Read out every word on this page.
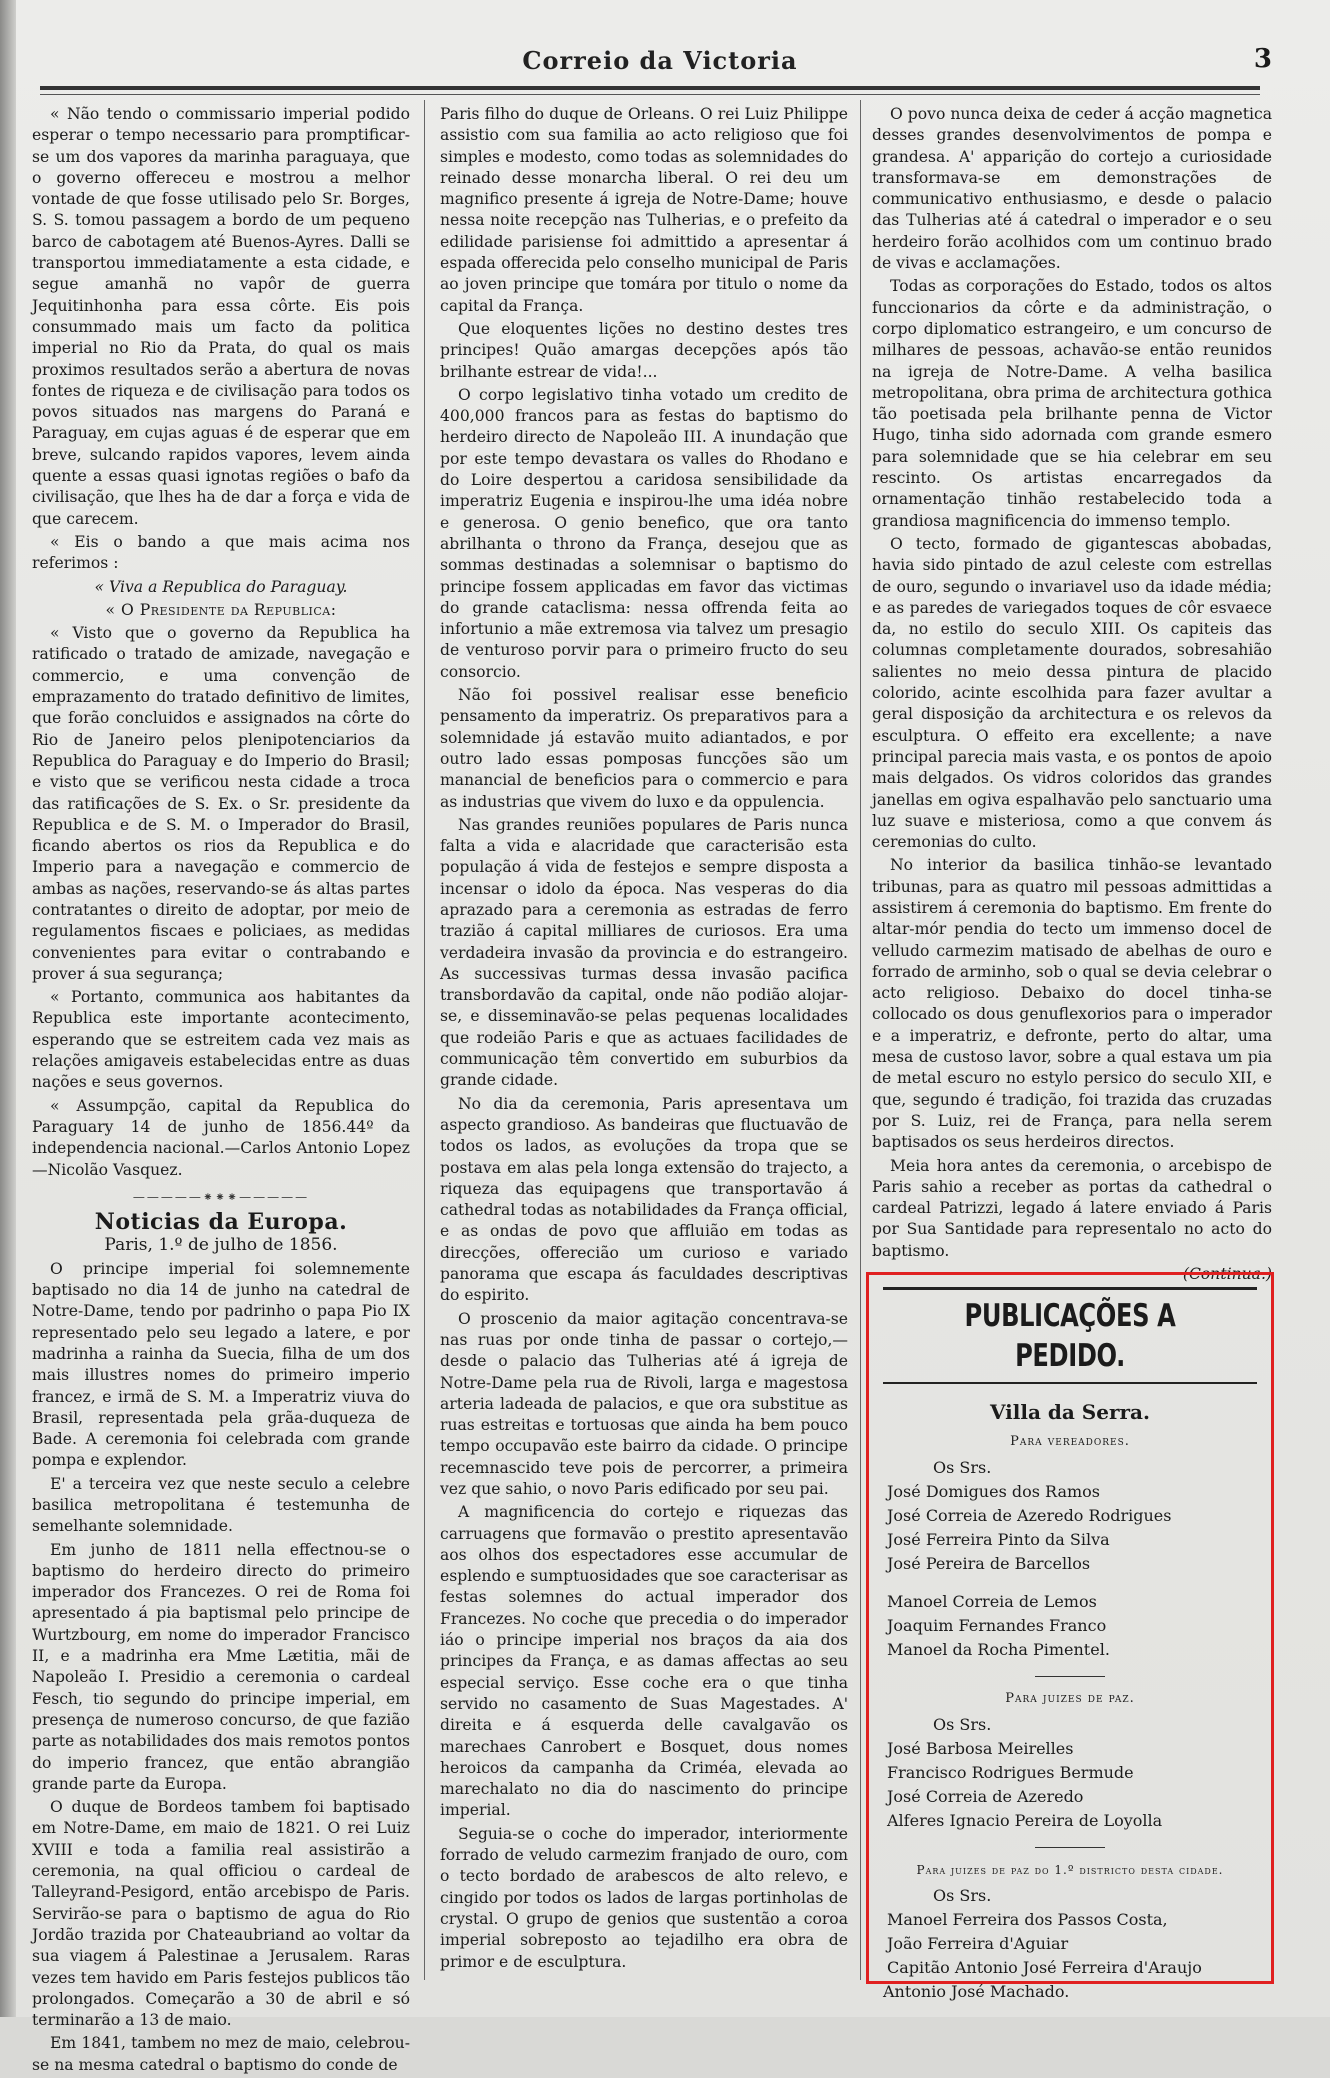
Correio da Victoria	3

« Não tendo o commissario imperial podido esperar o tempo necessario para promptificar-se um dos vapores da marinha paraguaya, que o governo offereceu e mostrou a melhor vontade de que fosse utilisado pelo Sr. Borges, S. S. tomou passagem a bordo de um pequeno barco de cabotagem até Buenos-Ayres. Dalli se transportou immediatamente a esta cidade, e segue amanhã no vapôr de guerra Jequitinhonha para essa côrte. Eis pois consummado mais um facto da politica imperial no Rio da Prata, do qual os mais proximos resultados serão a abertura de novas fontes de riqueza e de civilisação para todos os povos situados nas margens do Paraná e Paraguay, em cujas aguas é de esperar que em breve, sulcando rapidos vapores, levem ainda quente a essas quasi ignotas regiões o bafo da civilisação, que lhes ha de dar a força e vida de que carecem.

« Eis o bando a que mais acima nos referimos :

« Viva a Republica do Paraguay.

« O Presidente da Republica:

« Visto que o governo da Republica ha ratificado o tratado de amizade, navegação e commercio, e uma convenção de emprazamento do tratado definitivo de limites, que forão concluidos e assignados na côrte do Rio de Janeiro pelos plenipotenciarios da Republica do Paraguay e do Imperio do Brasil; e visto que se verificou nesta cidade a troca das ratificações de S. Ex. o Sr. presidente da Republica e de S. M. o Imperador do Brasil, ficando abertos os rios da Republica e do Imperio para a navegação e commercio de ambas as nações, reservando-se ás altas partes contratantes o direito de adoptar, por meio de regulamentos fiscaes e policiaes, as medidas convenientes para evitar o contrabando e prover á sua segurança;

« Portanto, communica aos habitantes da Republica este importante acontecimento, esperando que se estreitem cada vez mais as relações amigaveis estabelecidas entre as duas nações e seus governos.

« Assumpção, capital da Republica do Paraguary 14 de junho de 1856.44º da independencia nacional.—Carlos Antonio Lopez—Nicolão Vasquez.

—————⁕⁕⁕—————

Noticias da Europa.

Paris, 1.º de julho de 1856.

O principe imperial foi solemnemente baptisado no dia 14 de junho na catedral de Notre-Dame, tendo por padrinho o papa Pio IX representado pelo seu legado a latere, e por madrinha a rainha da Suecia, filha de um dos mais illustres nomes do primeiro imperio francez, e irmã de S. M. a Imperatriz viuva do Brasil, representada pela grãa-duqueza de Bade. A ceremonia foi celebrada com grande pompa e explendor.

E' a terceira vez que neste seculo a celebre basilica metropolitana é testemunha de semelhante solemnidade.

Em junho de 1811 nella effectnou-se o baptismo do herdeiro directo do primeiro imperador dos Francezes. O rei de Roma foi apresentado á pia baptismal pelo principe de Wurtzbourg, em nome do imperador Francisco II, e a madrinha era Mme Lætitia, mãi de Napoleão I. Presidio a ceremonia o cardeal Fesch, tio segundo do principe imperial, em presença de numeroso concurso, de que fazião parte as notabilidades dos mais remotos pontos do imperio francez, que então abrangião grande parte da Europa.

O duque de Bordeos tambem foi baptisado em Notre-Dame, em maio de 1821. O rei Luiz XVIII e toda a familia real assistirão a ceremonia, na qual officiou o cardeal de Talleyrand-Pesigord, então arcebispo de Paris. Servirão-se para o baptismo de agua do Rio Jordão trazida por Chateaubriand ao voltar da sua viagem á Palestinae a Jerusalem. Raras vezes tem havido em Paris festejos publicos tão prolongados. Começarão a 30 de abril e só terminarão a 13 de maio.

Em 1841, tambem no mez de maio, celebrou-se na mesma catedral o baptismo do conde de

Paris filho do duque de Orleans. O rei Luiz Philippe assistio com sua familia ao acto religioso que foi simples e modesto, como todas as solemnidades do reinado desse monarcha liberal. O rei deu um magnifico presente á igreja de Notre-Dame; houve nessa noite recepção nas Tulherias, e o prefeito da edilidade parisiense foi admittido a apresentar á espada offerecida pelo conselho municipal de Paris ao joven principe que tomára por titulo o nome da capital da França.

Que eloquentes lições no destino destes tres principes! Quão amargas decepções após tão brilhante estrear de vida!...

O corpo legislativo tinha votado um credito de 400,000 francos para as festas do baptismo do herdeiro directo de Napoleão III. A inundação que por este tempo devastara os valles do Rhodano e do Loire despertou a caridosa sensibilidade da imperatriz Eugenia e inspirou-lhe uma idéa nobre e generosa. O genio benefico, que ora tanto abrilhanta o throno da França, desejou que as sommas destinadas a solemnisar o baptismo do principe fossem applicadas em favor das victimas do grande cataclisma: nessa offrenda feita ao infortunio a mãe extremosa via talvez um presagio de venturoso porvir para o primeiro fructo do seu consorcio.

Não foi possivel realisar esse beneficio pensamento da imperatriz. Os preparativos para a solemnidade já estavão muito adiantados, e por outro lado essas pomposas funcções são um manancial de beneficios para o commercio e para as industrias que vivem do luxo e da oppulencia.

Nas grandes reuniões populares de Paris nunca falta a vida e alacridade que caracterisão esta população á vida de festejos e sempre disposta a incensar o idolo da época. Nas vesperas do dia aprazado para a ceremonia as estradas de ferro trazião á capital milliares de curiosos. Era uma verdadeira invasão da provincia e do estrangeiro. As successivas turmas dessa invasão pacifica transbordavão da capital, onde não podião alojar-se, e disseminavão-se pelas pequenas localidades que rodeião Paris e que as actuaes facilidades de communicação têm convertido em suburbios da grande cidade.

No dia da ceremonia, Paris apresentava um aspecto grandioso. As bandeiras que fluctuavão de todos os lados, as evoluções da tropa que se postava em alas pela longa extensão do trajecto, a riqueza das equipagens que transportavão á cathedral todas as notabilidades da França official, e as ondas de povo que affluião em todas as direcções, offerecião um curioso e variado panorama que escapa ás faculdades descriptivas do espirito.

O proscenio da maior agitação concentrava-se nas ruas por onde tinha de passar o cortejo,—desde o palacio das Tulherias até á igreja de Notre-Dame pela rua de Rivoli, larga e magestosa arteria ladeada de palacios, e que ora substitue as ruas estreitas e tortuosas que ainda ha bem pouco tempo occupavão este bairro da cidade. O principe recemnascido teve pois de percorrer, a primeira vez que sahio, o novo Paris edificado por seu pai.

A magnificencia do cortejo e riquezas das carruagens que formavão o prestito apresentavão aos olhos dos espectadores esse accumular de esplendo e sumptuosidades que soe caracterisar as festas solemnes do actual imperador dos Francezes. No coche que precedia o do imperador iáo o principe imperial nos braços da aia dos principes da França, e as damas affectas ao seu especial serviço. Esse coche era o que tinha servido no casamento de Suas Magestades. A' direita e á esquerda delle cavalgavão os marechaes Canrobert e Bosquet, dous nomes heroicos da campanha da Criméa, elevada ao marechalato no dia do nascimento do principe imperial.

Seguia-se o coche do imperador, interiormente forrado de veludo carmezim franjado de ouro, com o tecto bordado de arabescos de alto relevo, e cingido por todos os lados de largas portinholas de crystal. O grupo de genios que sustentão a coroa imperial sobreposto ao tejadilho era obra de primor e de esculptura.

O povo nunca deixa de ceder á acção magnetica desses grandes desenvolvimentos de pompa e grandesa. A' apparição do cortejo a curiosidade transformava-se em demonstrações de communicativo enthusiasmo, e desde o palacio das Tulherias até á catedral o imperador e o seu herdeiro forão acolhidos com um continuo brado de vivas e acclamações.

Todas as corporações do Estado, todos os altos funccionarios da côrte e da administração, o corpo diplomatico estrangeiro, e um concurso de milhares de pessoas, achavão-se então reunidos na igreja de Notre-Dame. A velha basilica metropolitana, obra prima de architectura gothica tão poetisada pela brilhante penna de Victor Hugo, tinha sido adornada com grande esmero para solemnidade que se hia celebrar em seu rescinto. Os artistas encarregados da ornamentação tinhão restabelecido toda a grandiosa magnificencia do immenso templo.

O tecto, formado de gigantescas abobadas, havia sido pintado de azul celeste com estrellas de ouro, segundo o invariavel uso da idade média; e as paredes de variegados toques de côr esvaece da, no estilo do seculo XIII. Os capiteis das columnas completamente dourados, sobresahião salientes no meio dessa pintura de placido colorido, acinte escolhida para fazer avultar a geral disposição da architectura e os relevos da esculptura. O effeito era excellente; a nave principal parecia mais vasta, e os pontos de apoio mais delgados. Os vidros coloridos das grandes janellas em ogiva espalhavão pelo sanctuario uma luz suave e misteriosa, como a que convem ás ceremonias do culto.

No interior da basilica tinhão-se levantado tribunas, para as quatro mil pessoas admittidas a assistirem á ceremonia do baptismo. Em frente do altar-mór pendia do tecto um immenso docel de velludo carmezim matisado de abelhas de ouro e forrado de arminho, sob o qual se devia celebrar o acto religioso. Debaixo do docel tinha-se collocado os dous genuflexorios para o imperador e a imperatriz, e defronte, perto do altar, uma mesa de custoso lavor, sobre a qual estava um pia de metal escuro no estylo persico do seculo XII, e que, segundo é tradição, foi trazida das cruzadas por S. Luiz, rei de França, para nella serem baptisados os seus herdeiros directos.

Meia hora antes da ceremonia, o arcebispo de Paris sahio a receber as portas da cathedral o cardeal Patrizzi, legado á latere enviado á Paris por Sua Santidade para representalo no acto do baptismo.

(Continua.)

PUBLICAÇÕES A PEDIDO.
Villa da Serra.
Para vereadores.
Os Srs.
José Domigues dos Ramos
José Correia de Azeredo Rodrigues
José Ferreira Pinto da Silva
José Pereira de Barcellos
Manoel Correia de Lemos
Joaquim Fernandes Franco
Manoel da Rocha Pimentel.
Para juizes de paz.
Os Srs.
José Barbosa Meirelles
Francisco Rodrigues Bermude
José Correia de Azeredo
Alferes Ignacio Pereira de Loyolla
Para juizes de paz do 1.º districto desta cidade.
Os Srs.
Manoel Ferreira dos Passos Costa,
João Ferreira d'Aguiar
Capitão Antonio José Ferreira d'Araujo
Antonio José Machado.
